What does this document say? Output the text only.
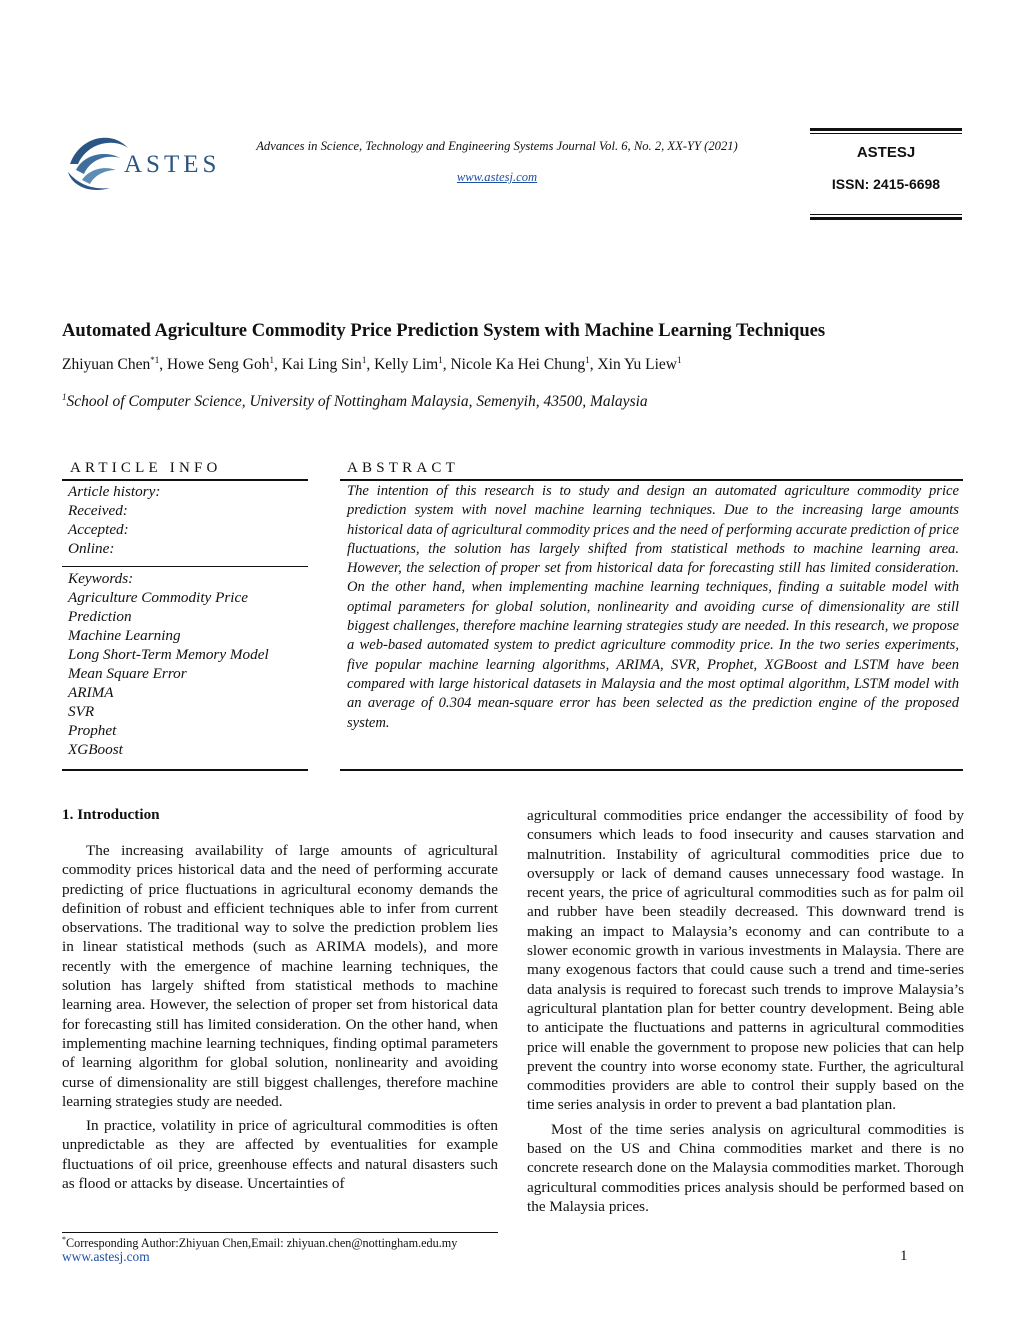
ASTES
Advances in Science, Technology and Engineering Systems Journal Vol. 6, No. 2, XX-YY (2021)
www.astesj.com
ASTESJ
ISSN: 2415-6698
Automated Agriculture Commodity Price Prediction System with Machine Learning Techniques
Zhiyuan Chen$^{*1}$, Howe Seng Goh$^1$, Kai Ling Sin$^1$, Kelly Lim$^1$, Nicole Ka Hei Chung$^1$, Xin Yu Liew$^1$
$^1$School of Computer Science, University of Nottingham Malaysia, Semenyih, 43500, Malaysia
ARTICLE INFO
Article history:
Received:
Accepted:
Online:
Keywords:
Agriculture Commodity Price
Prediction
Machine Learning
Long Short-Term Memory Model
Mean Square Error
ARIMA
SVR
Prophet
XGBoost
ABSTRACT
The intention of this research is to study and design an automated agriculture commodity price prediction system with novel machine learning techniques. Due to the increasing large amounts historical data of agricultural commodity prices and the need of performing accurate prediction of price fluctuations, the solution has largely shifted from statistical methods to machine learning area. However, the selection of proper set from historical data for forecasting still has limited consideration. On the other hand, when implementing machine learning techniques, finding a suitable model with optimal parameters for global solution, nonlinearity and avoiding curse of dimensionality are still biggest challenges, therefore machine learning strategies study are needed. In this research, we propose a web-based automated system to predict agriculture commodity price. In the two series experiments, five popular machine learning algorithms, ARIMA, SVR, Prophet, XGBoost and LSTM have been compared with large historical datasets in Malaysia and the most optimal algorithm, LSTM model with an average of 0.304 mean-square error has been selected as the prediction engine of the proposed system.
1. Introduction

The increasing availability of large amounts of agricultural commodity prices historical data and the need of performing accurate predicting of price fluctuations in agricultural economy demands the definition of robust and efficient techniques able to infer from current observations. The traditional way to solve the prediction problem lies in linear statistical methods (such as ARIMA models), and more recently with the emergence of machine learning techniques, the solution has largely shifted from statistical methods to machine learning area. However, the selection of proper set from historical data for forecasting still has limited consideration. On the other hand, when implementing machine learning techniques, finding optimal parameters of learning algorithm for global solution, nonlinearity and avoiding curse of dimensionality are still biggest challenges, therefore machine learning strategies study are needed.

In practice, volatility in price of agricultural commodities is often unpredictable as they are affected by eventualities for example fluctuations of oil price, greenhouse effects and natural disasters such as flood or attacks by disease. Uncertainties of

agricultural commodities price endanger the accessibility of food by consumers which leads to food insecurity and causes starvation and malnutrition. Instability of agricultural commodities price due to oversupply or lack of demand causes unnecessary food wastage. In recent years, the price of agricultural commodities such as for palm oil and rubber have been steadily decreased. This downward trend is making an impact to Malaysia’s economy and can contribute to a slower economic growth in various investments in Malaysia. There are many exogenous factors that could cause such a trend and time-series data analysis is required to forecast such trends to improve Malaysia’s agricultural plantation plan for better country development. Being able to anticipate the fluctuations and patterns in agricultural commodities price will enable the government to propose new policies that can help prevent the country into worse economy state. Further, the agricultural commodities providers are able to control their supply based on the time series analysis in order to prevent a bad plantation plan.

Most of the time series analysis on agricultural commodities is based on the US and China commodities market and there is no concrete research done on the Malaysia commodities market. Thorough agricultural commodities prices analysis should be performed based on the Malaysia prices.

*Corresponding Author:Zhiyuan Chen,Email: zhiyuan.chen@nottingham.edu.my
www.astesj.com	1
